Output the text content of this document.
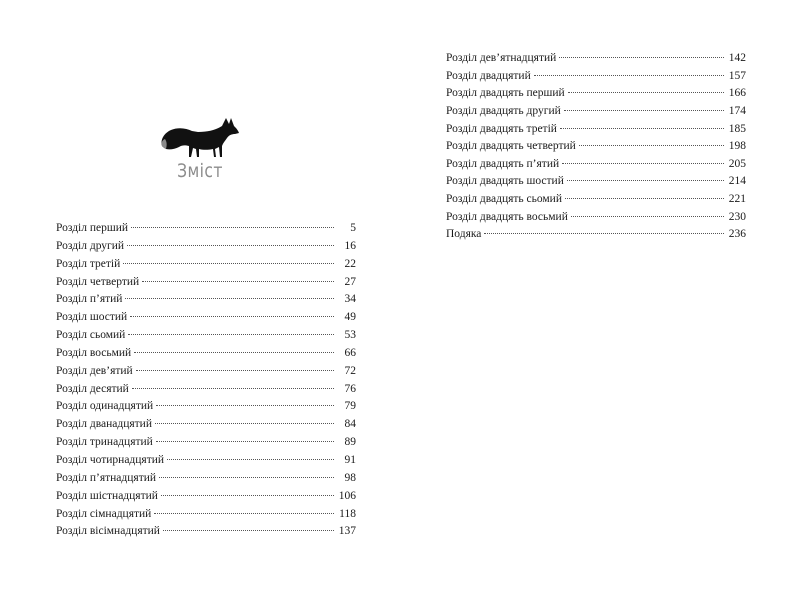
Зміст
Розділ перший	5
Розділ другий	16
Розділ третій	22
Розділ четвертий	27
Розділ п’ятий	34
Розділ шостий	49
Розділ сьомий	53
Розділ восьмий	66
Розділ дев’ятий	72
Розділ десятий	76
Розділ одинадцятий	79
Розділ дванадцятий	84
Розділ тринадцятий	89
Розділ чотирнадцятий	91
Розділ п’ятнадцятий	98
Розділ шістнадцятий	106
Розділ сімнадцятий	118
Розділ вісімнадцятий	137
Розділ дев’ятнадцятий	142
Розділ двадцятий	157
Розділ двадцять перший	166
Розділ двадцять другий	174
Розділ двадцять третій	185
Розділ двадцять четвертий	198
Розділ двадцять п’ятий	205
Розділ двадцять шостий	214
Розділ двадцять сьомий	221
Розділ двадцять восьмий	230
Подяка	236
